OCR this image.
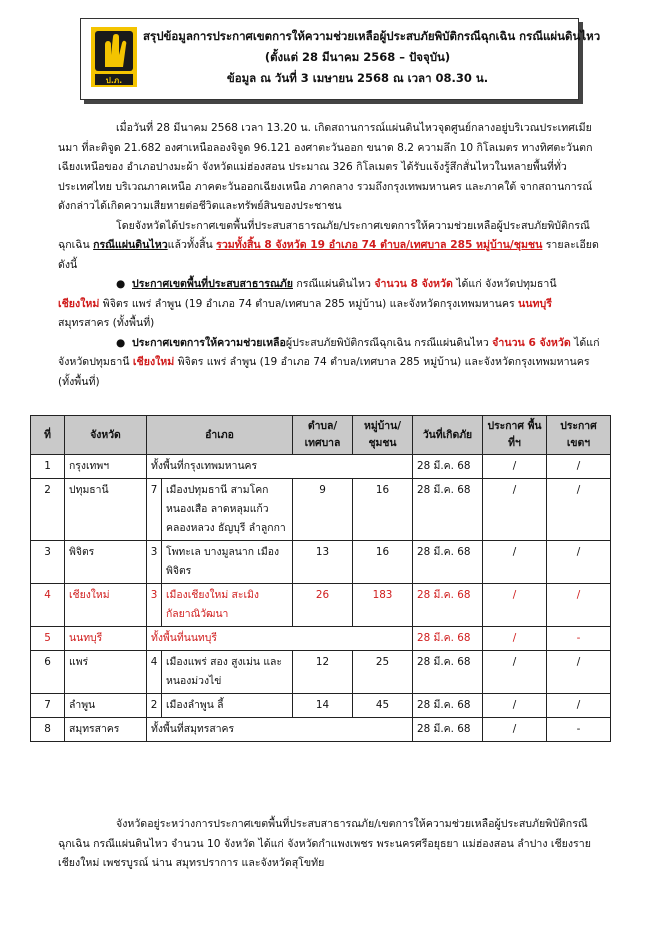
ป.ภ.
สรุปข้อมูลการประกาศเขตการให้ความช่วยเหลือผู้ประสบภัยพิบัติกรณีฉุกเฉิน กรณีแผ่นดินไหว
(ตั้งแต่ 28 มีนาคม 2568 – ปัจจุบัน)
ข้อมูล ณ วันที่ 3 เมษายน 2568 ณ เวลา 08.30 น.

เมื่อวันที่ 28 มีนาคม 2568 เวลา 13.20 น. เกิดสถานการณ์แผ่นดินไหวจุดศูนย์กลางอยู่บริเวณประเทศเมียนมา ที่ละติจูด 21.682 องศาเหนือลองจิจูด 96.121 องศาตะวันออก ขนาด 8.2 ความลึก 10 กิโลเมตร ทางทิศตะวันตกเฉียงเหนือของ อำเภอปางมะผ้า จังหวัดแม่ฮ่องสอน ประมาณ 326 กิโลเมตร ได้รับแจ้งรู้สึกสั่นไหวในหลายพื้นที่ทั่วประเทศไทย บริเวณภาคเหนือ ภาคตะวันออกเฉียงเหนือ ภาคกลาง รวมถึงกรุงเทพมหานคร และภาคใต้ จากสถานการณ์ดังกล่าวได้เกิดความเสียหายต่อชีวิตและทรัพย์สินของประชาชน

โดยจังหวัดได้ประกาศเขตพื้นที่ประสบสาธารณภัย/ประกาศเขตการให้ความช่วยเหลือผู้ประสบภัยพิบัติกรณีฉุกเฉิน กรณีแผ่นดินไหวแล้วทั้งสิ้น รวมทั้งสิ้น 8 จังหวัด 19 อำเภอ 74 ตำบล/เทศบาล 285 หมู่บ้าน/ชุมชน รายละเอียดดังนี้

● ประกาศเขตพื้นที่ประสบสาธารณภัย กรณีแผ่นดินไหว จำนวน 8 จังหวัด ได้แก่ จังหวัดปทุมธานี เชียงใหม่ พิจิตร แพร่ ลำพูน (19 อำเภอ 74 ตำบล/เทศบาล 285 หมู่บ้าน) และจังหวัดกรุงเทพมหานคร นนทบุรี สมุทรสาคร (ทั้งพื้นที่)

● ประกาศเขตการให้ความช่วยเหลือผู้ประสบภัยพิบัติกรณีฉุกเฉิน กรณีแผ่นดินไหว จำนวน 6 จังหวัด ได้แก่ จังหวัดปทุมธานี เชียงใหม่ พิจิตร แพร่ ลำพูน (19 อำเภอ 74 ตำบล/เทศบาล 285 หมู่บ้าน) และจังหวัดกรุงเทพมหานคร (ทั้งพื้นที่)

ที่	จังหวัด	อำเภอ	ตำบล/ เทศบาล	หมู่บ้าน/ ชุมชน	วันที่เกิดภัย	ประกาศ พื้นที่ฯ	ประกาศ เขตฯ
1	กรุงเทพฯ	ทั้งพื้นที่กรุงเทพมหานคร			28 มี.ค. 68	/	/
2	ปทุมธานี	7 เมืองปทุมธานี สามโคก หนองเสือ ลาดหลุมแก้ว คลองหลวง ธัญบุรี ลำลูกกา	9	16	28 มี.ค. 68	/	/
3	พิจิตร	3 โพทะเล บางมูลนาก เมืองพิจิตร	13	16	28 มี.ค. 68	/	/
4	เชียงใหม่	3 เมืองเชียงใหม่ สะเมิง กัลยาณิวัฒนา	26	183	28 มี.ค. 68	/	/
5	นนทบุรี	ทั้งพื้นที่นนทบุรี			28 มี.ค. 68	/	-
6	แพร่	4 เมืองแพร่ สอง สูงเม่น และหนองม่วงไข่	12	25	28 มี.ค. 68	/	/
7	ลำพูน	2 เมืองลำพูน ลี้	14	45	28 มี.ค. 68	/	/
8	สมุทรสาคร	ทั้งพื้นที่สมุทรสาคร			28 มี.ค. 68	/	-

จังหวัดอยู่ระหว่างการประกาศเขตพื้นที่ประสบสาธารณภัย/เขตการให้ความช่วยเหลือผู้ประสบภัยพิบัติกรณีฉุกเฉิน กรณีแผ่นดินไหว จำนวน 10 จังหวัด ได้แก่ จังหวัดกำแพงเพชร พระนครศรีอยุธยา แม่ฮ่องสอน ลำปาง เชียงราย เชียงใหม่ เพชรบูรณ์ น่าน สมุทรปราการ และจังหวัดสุโขทัย
